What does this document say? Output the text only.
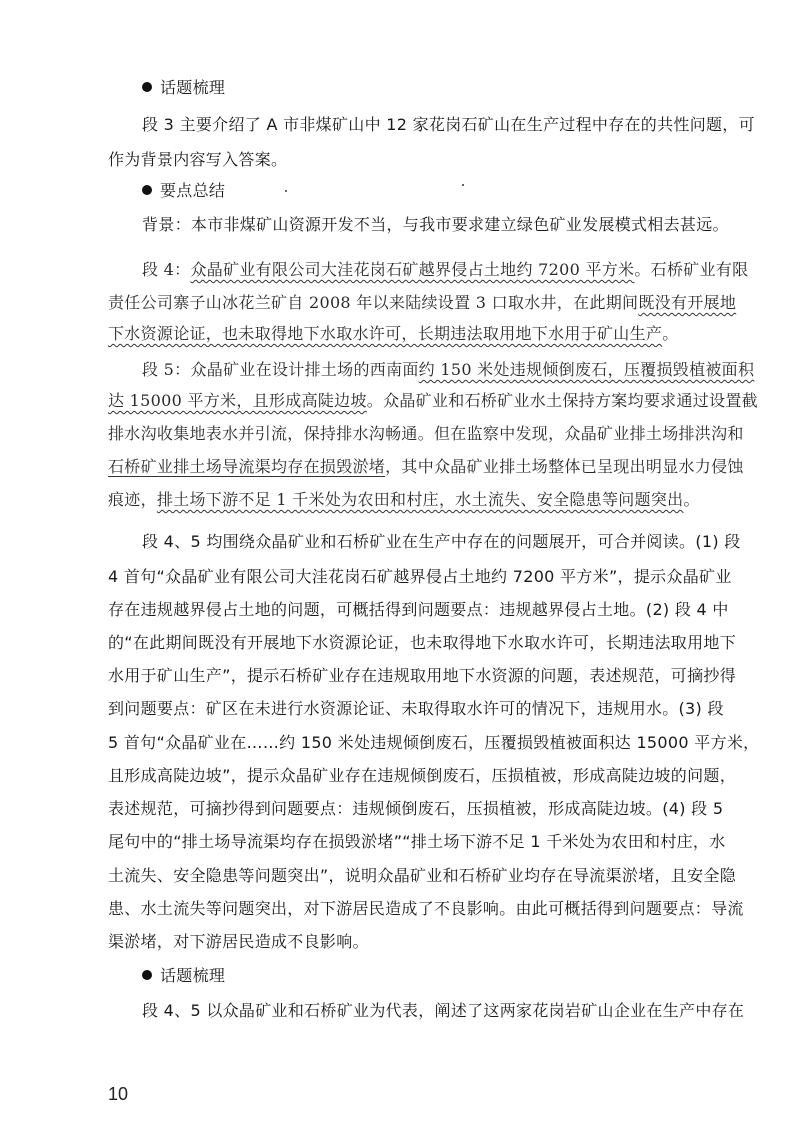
话题梳理
段 3 主要介绍了 A 市非煤矿山中 12 家花岗石矿山在生产过程中存在的共性问题，可
作为背景内容写入答案。
要点总结
背景：本市非煤矿山资源开发不当，与我市要求建立绿色矿业发展模式相去甚远。
段 4：众晶矿业有限公司大洼花岗石矿越界侵占土地约 7200 平方米。石桥矿业有限
责任公司寨子山冰花兰矿自 2008 年以来陆续设置 3 口取水井，在此期间既没有开展地
下水资源论证，也未取得地下水取水许可，长期违法取用地下水用于矿山生产。
段 5：众晶矿业在设计排土场的西南面约 150 米处违规倾倒废石，压覆损毁植被面积
达 15000 平方米，且形成高陡边坡。众晶矿业和石桥矿业水土保持方案均要求通过设置截
排水沟收集地表水并引流，保持排水沟畅通。但在监察中发现，众晶矿业排土场排洪沟和
石桥矿业排土场导流渠均存在损毁淤堵，其中众晶矿业排土场整体已呈现出明显水力侵蚀
痕迹，排土场下游不足 1 千米处为农田和村庄，水土流失、安全隐患等问题突出。
段 4、5 均围绕众晶矿业和石桥矿业在生产中存在的问题展开，可合并阅读。(1) 段
4 首句“众晶矿业有限公司大洼花岗石矿越界侵占土地约 7200 平方米”，提示众晶矿业
存在违规越界侵占土地的问题，可概括得到问题要点：违规越界侵占土地。(2) 段 4 中
的“在此期间既没有开展地下水资源论证，也未取得地下水取水许可，长期违法取用地下
水用于矿山生产”，提示石桥矿业存在违规取用地下水资源的问题，表述规范，可摘抄得
到问题要点：矿区在未进行水资源论证、未取得取水许可的情况下，违规用水。(3) 段
5 首句“众晶矿业在……约 150 米处违规倾倒废石，压覆损毁植被面积达 15000 平方米，
且形成高陡边坡”，提示众晶矿业存在违规倾倒废石，压损植被，形成高陡边坡的问题，
表述规范，可摘抄得到问题要点：违规倾倒废石，压损植被，形成高陡边坡。(4) 段 5
尾句中的“排土场导流渠均存在损毁淤堵”“排土场下游不足 1 千米处为农田和村庄，水
土流失、安全隐患等问题突出”，说明众晶矿业和石桥矿业均存在导流渠淤堵，且安全隐
患、水土流失等问题突出，对下游居民造成了不良影响。由此可概括得到问题要点：导流
渠淤堵，对下游居民造成不良影响。
话题梳理
段 4、5 以众晶矿业和石桥矿业为代表，阐述了这两家花岗岩矿山企业在生产中存在
10
